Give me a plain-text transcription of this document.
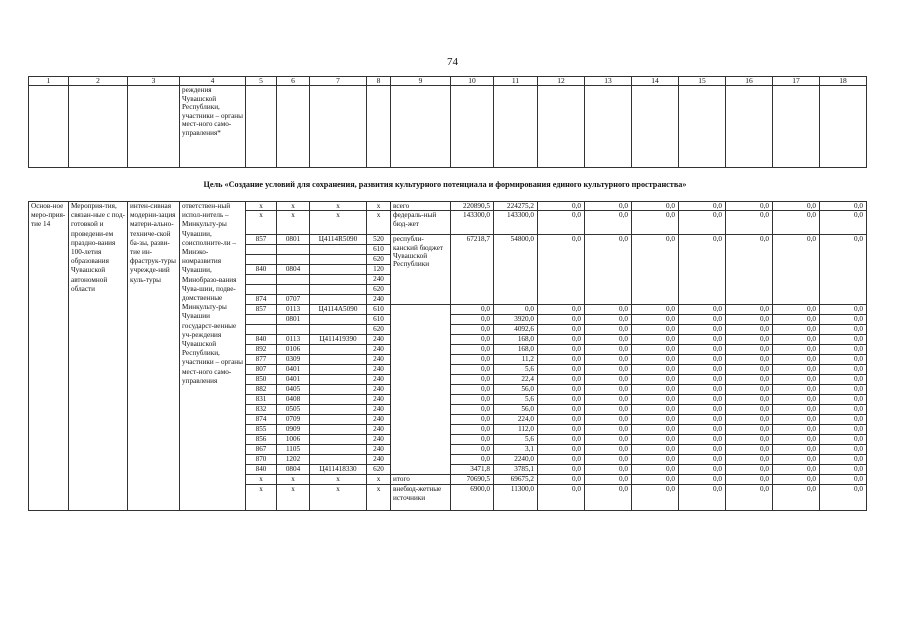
74
1	2	3	4	5	6	7	8	9	10	11	12	13	14	15	16	17	18
			реждения Чувашской Республики, участники – органы мест-ного само-управления*														
Цель «Создание условий для сохранения, развития культурного потенциала и формирования единого культурного пространства»
Основ-ное меро-прия-тие 14	Мероприя-тия, связан-ные с под-готовкой и проведени-ем праздно-вания 100-летия образования Чувашской автономной области	интен-сивная модерни-зация матери-ально-техниче-ской ба-зы, разви-тие ин-фраструк-туры учрежде-ний куль-туры	ответствен-ный испол-нитель – Минкульту-ры Чувашии, соисполните-ли – Минэко-номразвития Чувашии, Минобразо-вания Чува-шии, подве-домственные Минкульту-ры Чувашии государст-венные уч-реждения Чувашской Республики, участники – органы мест-ного само-управления	x	x	x	x	всего	220890,5	224275,2	0,0	0,0	0,0	0,0	0,0	0,0	0,0
				x	x	x	x	федераль-ный бюд-жет	143300,0	143300,0	0,0	0,0	0,0	0,0	0,0	0,0	0,0
				857	0801	Ц4114R5090	520	республи-канский бюджет Чувашской Республики	67218,7	54800,0	0,0	0,0	0,0	0,0	0,0	0,0	0,0
							610										
							620										
				840	0804		120										
							240										
							620										
				874	0707		240										
				857	0113	Ц4114А5090	610		0,0	0,0	0,0	0,0	0,0	0,0	0,0	0,0	0,0
					0801		610		0,0	3920,0	0,0	0,0	0,0	0,0	0,0	0,0	0,0
							620		0,0	4092,6	0,0	0,0	0,0	0,0	0,0	0,0	0,0
				840	0113	Ц411419390	240		0,0	168,0	0,0	0,0	0,0	0,0	0,0	0,0	0,0
				892	0106		240		0,0	168,0	0,0	0,0	0,0	0,0	0,0	0,0	0,0
				877	0309		240		0,0	11,2	0,0	0,0	0,0	0,0	0,0	0,0	0,0
				807	0401		240		0,0	5,6	0,0	0,0	0,0	0,0	0,0	0,0	0,0
				850	0401		240		0,0	22,4	0,0	0,0	0,0	0,0	0,0	0,0	0,0
				882	0405		240		0,0	56,0	0,0	0,0	0,0	0,0	0,0	0,0	0,0
				831	0408		240		0,0	5,6	0,0	0,0	0,0	0,0	0,0	0,0	0,0
				832	0505		240		0,0	56,0	0,0	0,0	0,0	0,0	0,0	0,0	0,0
				874	0709		240		0,0	224,0	0,0	0,0	0,0	0,0	0,0	0,0	0,0
				855	0909		240		0,0	112,0	0,0	0,0	0,0	0,0	0,0	0,0	0,0
				856	1006		240		0,0	5,6	0,0	0,0	0,0	0,0	0,0	0,0	0,0
				867	1105		240		0,0	3,1	0,0	0,0	0,0	0,0	0,0	0,0	0,0
				870	1202		240		0,0	2240,0	0,0	0,0	0,0	0,0	0,0	0,0	0,0
				840	0804	Ц411418330	620		3471,8	3785,1	0,0	0,0	0,0	0,0	0,0	0,0	0,0
				x	x	x	x	итого	70690,5	69675,2	0,0	0,0	0,0	0,0	0,0	0,0	0,0
				x	x	x	x	внебюд-жетные источники	6900,0	11300,0	0,0	0,0	0,0	0,0	0,0	0,0	0,0
